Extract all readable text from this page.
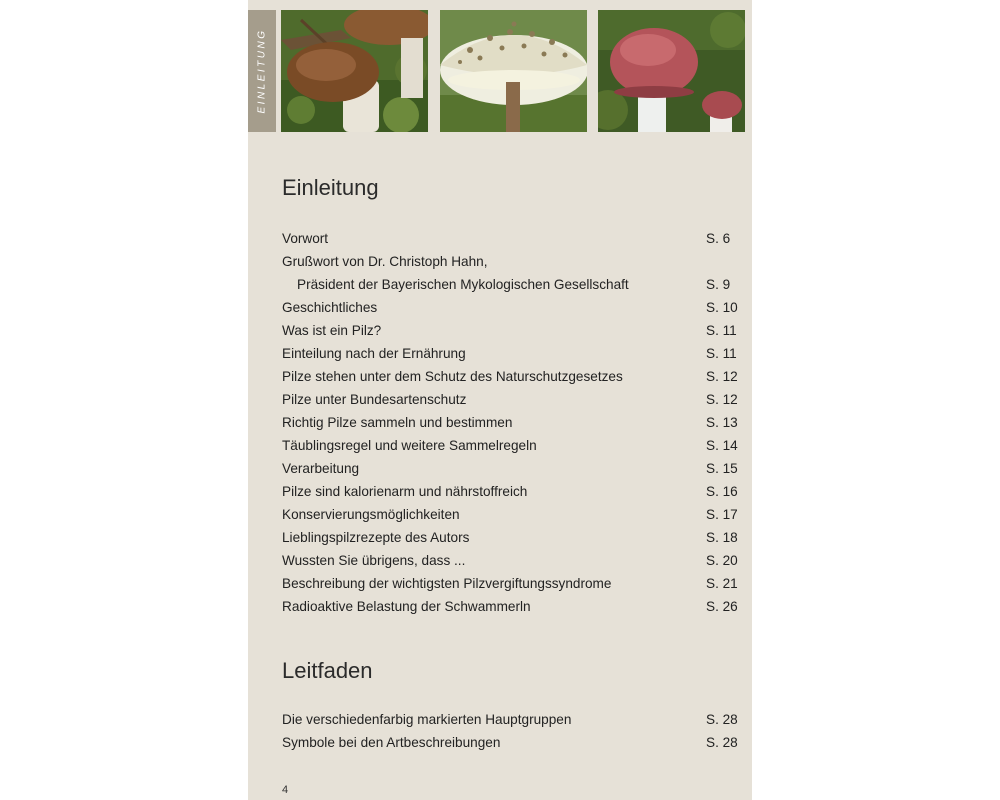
EINLEITUNG
Einleitung
Vorwort	S. 6
Grußwort von Dr. Christoph Hahn,
Präsident der Bayerischen Mykologischen Gesellschaft	S. 9
Geschichtliches	S. 10
Was ist ein Pilz?	S. 11
Einteilung nach der Ernährung	S. 11
Pilze stehen unter dem Schutz des Naturschutzgesetzes	S. 12
Pilze unter Bundesartenschutz	S. 12
Richtig Pilze sammeln und bestimmen	S. 13
Täublingsregel und weitere Sammelregeln	S. 14
Verarbeitung	S. 15
Pilze sind kalorienarm und nährstoffreich	S. 16
Konservierungsmöglichkeiten	S. 17
Lieblingspilzrezepte des Autors	S. 18
Wussten Sie übrigens, dass ...	S. 20
Beschreibung der wichtigsten Pilzvergiftungssyndrome	S. 21
Radioaktive Belastung der Schwammerln	S. 26
Leitfaden
Die verschiedenfarbig markierten Hauptgruppen	S. 28
Symbole bei den Artbeschreibungen	S. 28
4
